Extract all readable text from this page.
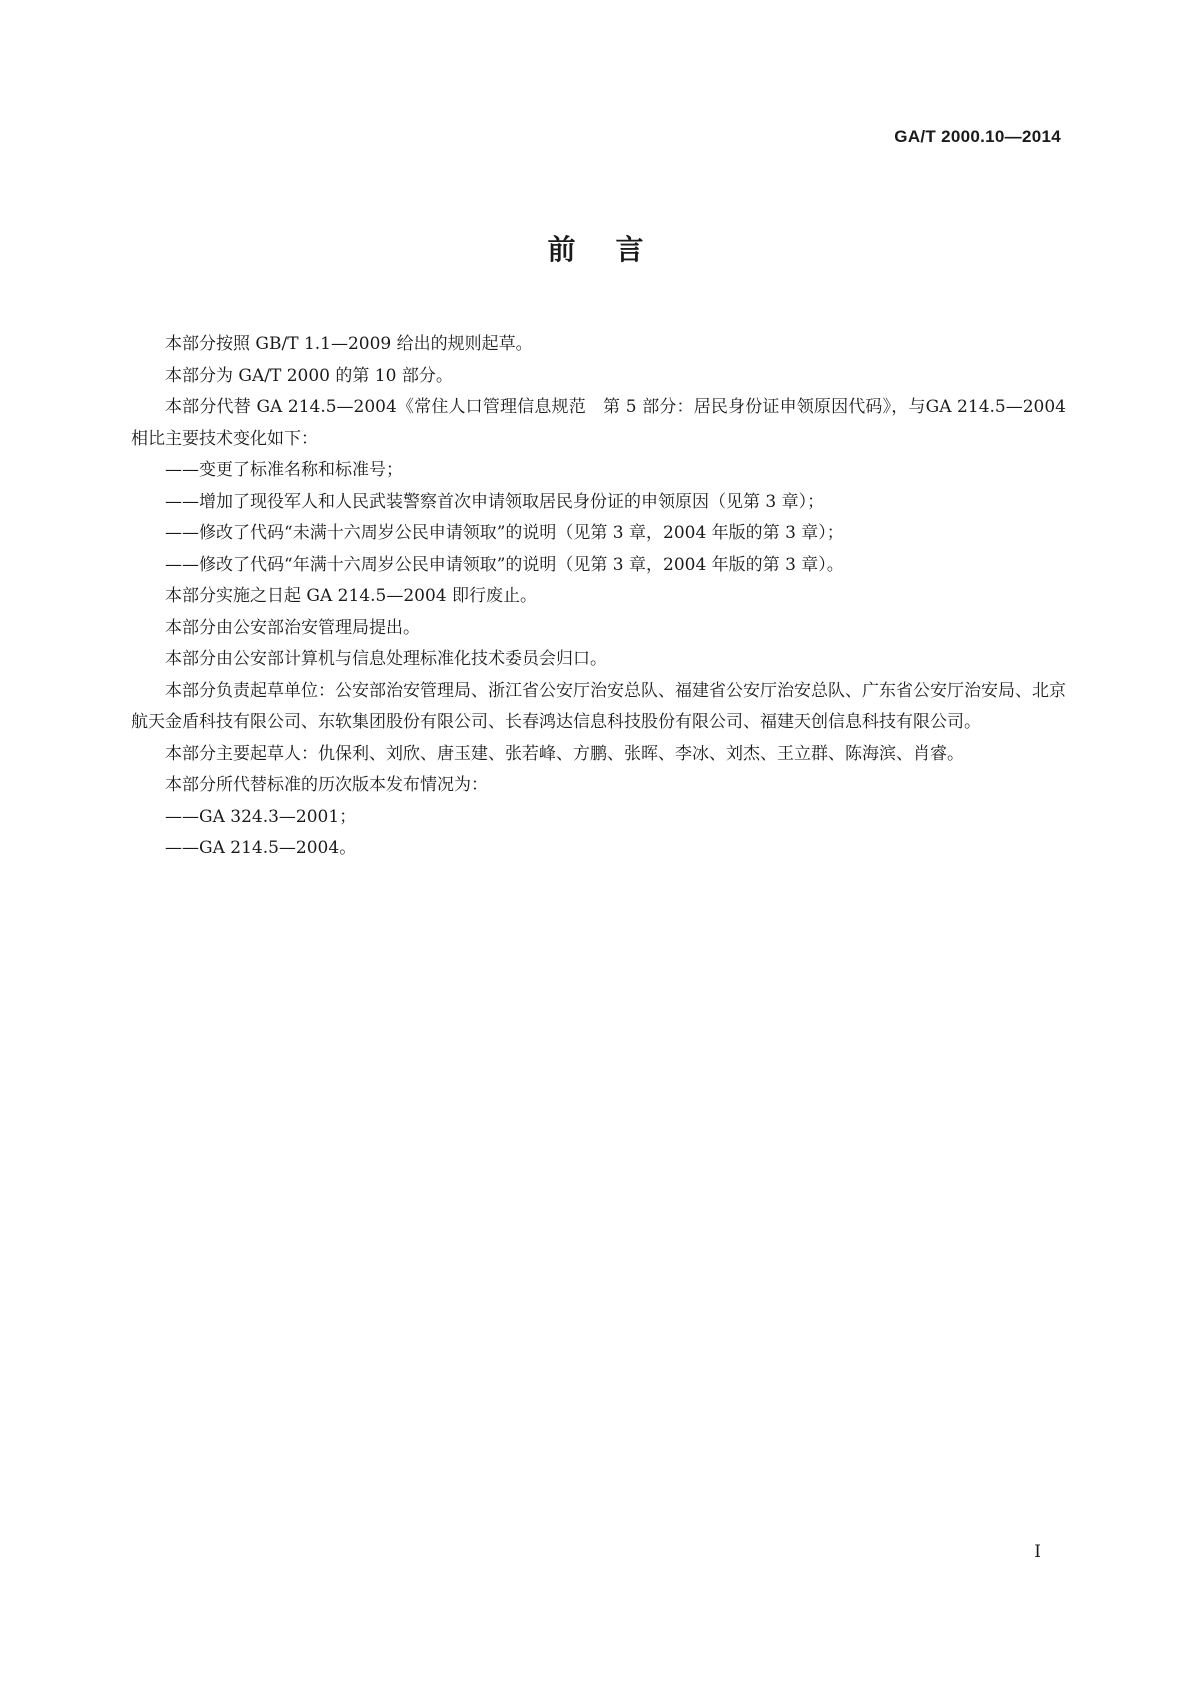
GA/T 2000.10—2014
前言

本部分按照 GB/T 1.1—2009 给出的规则起草。

本部分为 GA/T 2000 的第 10 部分。

本部分代替 GA 214.5—2004《常住人口管理信息规范　第 5 部分：居民身份证申领原因代码》，与GA 214.5—2004 相比主要技术变化如下：

——变更了标准名称和标准号；

——增加了现役军人和人民武装警察首次申请领取居民身份证的申领原因（见第 3 章）；

——修改了代码“未满十六周岁公民申请领取”的说明（见第 3 章，2004 年版的第 3 章）；

——修改了代码“年满十六周岁公民申请领取”的说明（见第 3 章，2004 年版的第 3 章）。

本部分实施之日起 GA 214.5—2004 即行废止。

本部分由公安部治安管理局提出。

本部分由公安部计算机与信息处理标准化技术委员会归口。

本部分负责起草单位：公安部治安管理局、浙江省公安厅治安总队、福建省公安厅治安总队、广东省公安厅治安局、北京航天金盾科技有限公司、东软集团股份有限公司、长春鸿达信息科技股份有限公司、福建天创信息科技有限公司。

本部分主要起草人：仇保利、刘欣、唐玉建、张若峰、方鹏、张晖、李冰、刘杰、王立群、陈海滨、肖睿。

本部分所代替标准的历次版本发布情况为：

——GA 324.3—2001；

——GA 214.5—2004。

I
